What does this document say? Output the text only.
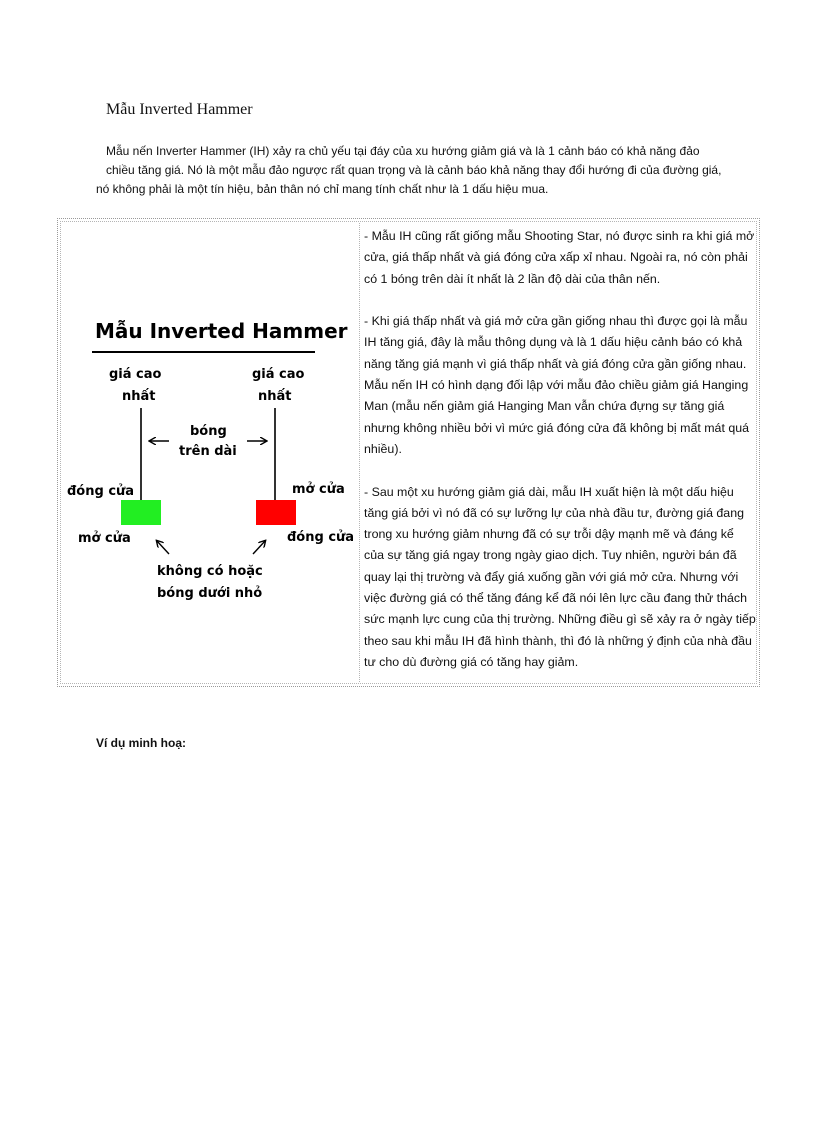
Mẫu Inverted Hammer
Mẫu nến Inverter Hammer (IH) xảy ra chủ yếu tại đáy của xu hướng giảm giá và là 1 cảnh báo có khả năng đảo
chiều tăng giá. Nó là một mẫu đảo ngược rất quan trọng và là cảnh báo khả năng thay đổi hướng đi của đường giá,
nó không phải là một tín hiệu, bản thân nó chỉ mang tính chất như là 1 dấu hiệu mua.
Mẫu Inverted Hammer
giá cao
nhất
giá cao
nhất
bóng
trên dài
đóng cửa	mở cửa
mở cửa	đóng cửa
không có hoặc
bóng dưới nhỏ

- Mẫu IH cũng rất giống mẫu Shooting Star, nó được sinh ra khi giá mở cửa, giá thấp nhất và giá đóng cửa xấp xỉ nhau. Ngoài ra, nó còn phải có 1 bóng trên dài ít nhất là 2 lần độ dài của thân nến.

- Khi giá thấp nhất và giá mở cửa gần giống nhau thì được gọi là mẫu IH tăng giá, đây là mẫu thông dụng và là 1 dấu hiệu cảnh báo có khả năng tăng giá mạnh vì giá thấp nhất và giá đóng cửa gần giống nhau. Mẫu nến IH có hình dạng đối lập với mẫu đảo chiều giảm giá Hanging Man (mẫu nến giảm giá Hanging Man vẫn chứa đựng sự tăng giá nhưng không nhiều bởi vì mức giá đóng cửa đã không bị mất mát quá nhiều).

- Sau một xu hướng giảm giá dài, mẫu IH xuất hiện là một dấu hiệu tăng giá bởi vì nó đã có sự lưỡng lự của nhà đầu tư, đường giá đang trong xu hướng giảm nhưng đã có sự trỗi dậy mạnh mẽ và đáng kể của sự tăng giá ngay trong ngày giao dịch. Tuy nhiên, người bán đã quay lại thị trường và đẩy giá xuống gần với giá mở cửa. Nhưng với việc đường giá có thể tăng đáng kể đã nói lên lực cầu đang thử thách sức mạnh lực cung của thị trường. Những điều gì sẽ xảy ra ở ngày tiếp theo sau khi mẫu IH đã hình thành, thì đó là những ý định của nhà đầu tư cho dù đường giá có tăng hay giảm.

Ví dụ minh hoạ:
